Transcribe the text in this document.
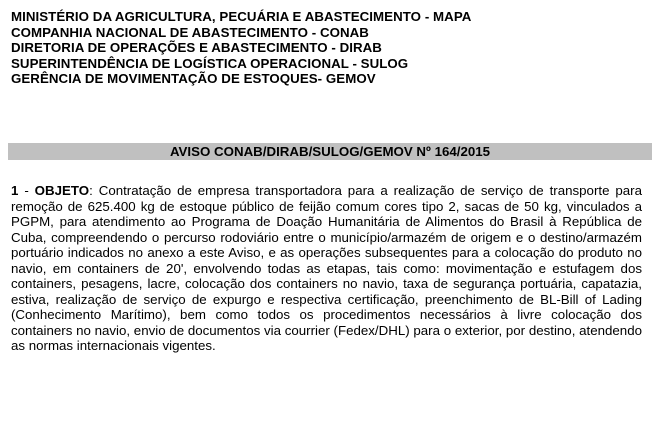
MINISTÉRIO DA AGRICULTURA, PECUÁRIA E ABASTECIMENTO - MAPA
COMPANHIA NACIONAL DE ABASTECIMENTO - CONAB
DIRETORIA DE OPERAÇÕES E ABASTECIMENTO - DIRAB
SUPERINTENDÊNCIA DE LOGÍSTICA OPERACIONAL - SULOG
GERÊNCIA DE MOVIMENTAÇÃO DE ESTOQUES- GEMOV
AVISO CONAB/DIRAB/SULOG/GEMOV Nº 164/2015
1 - OBJETO: Contratação de empresa transportadora para a realização de serviço de transporte para remoção de 625.400 kg de estoque público de feijão comum cores tipo 2, sacas de 50 kg, vinculados a PGPM, para atendimento ao Programa de Doação Humanitária de Alimentos do Brasil à República de Cuba, compreendendo o percurso rodoviário entre o município/armazém de origem e o destino/armazém portuário indicados no anexo a este Aviso, e as operações subsequentes para a colocação do produto no navio, em containers de 20', envolvendo todas as etapas, tais como: movimentação e estufagem dos containers, pesagens, lacre, colocação dos containers no navio, taxa de segurança portuária, capatazia, estiva, realização de serviço de expurgo e respectiva certificação, preenchimento de BL-Bill of Lading (Conhecimento Marítimo), bem como todos os procedimentos necessários à livre colocação dos containers no navio, envio de documentos via courrier (Fedex/DHL) para o exterior, por destino, atendendo as normas internacionais vigentes.
